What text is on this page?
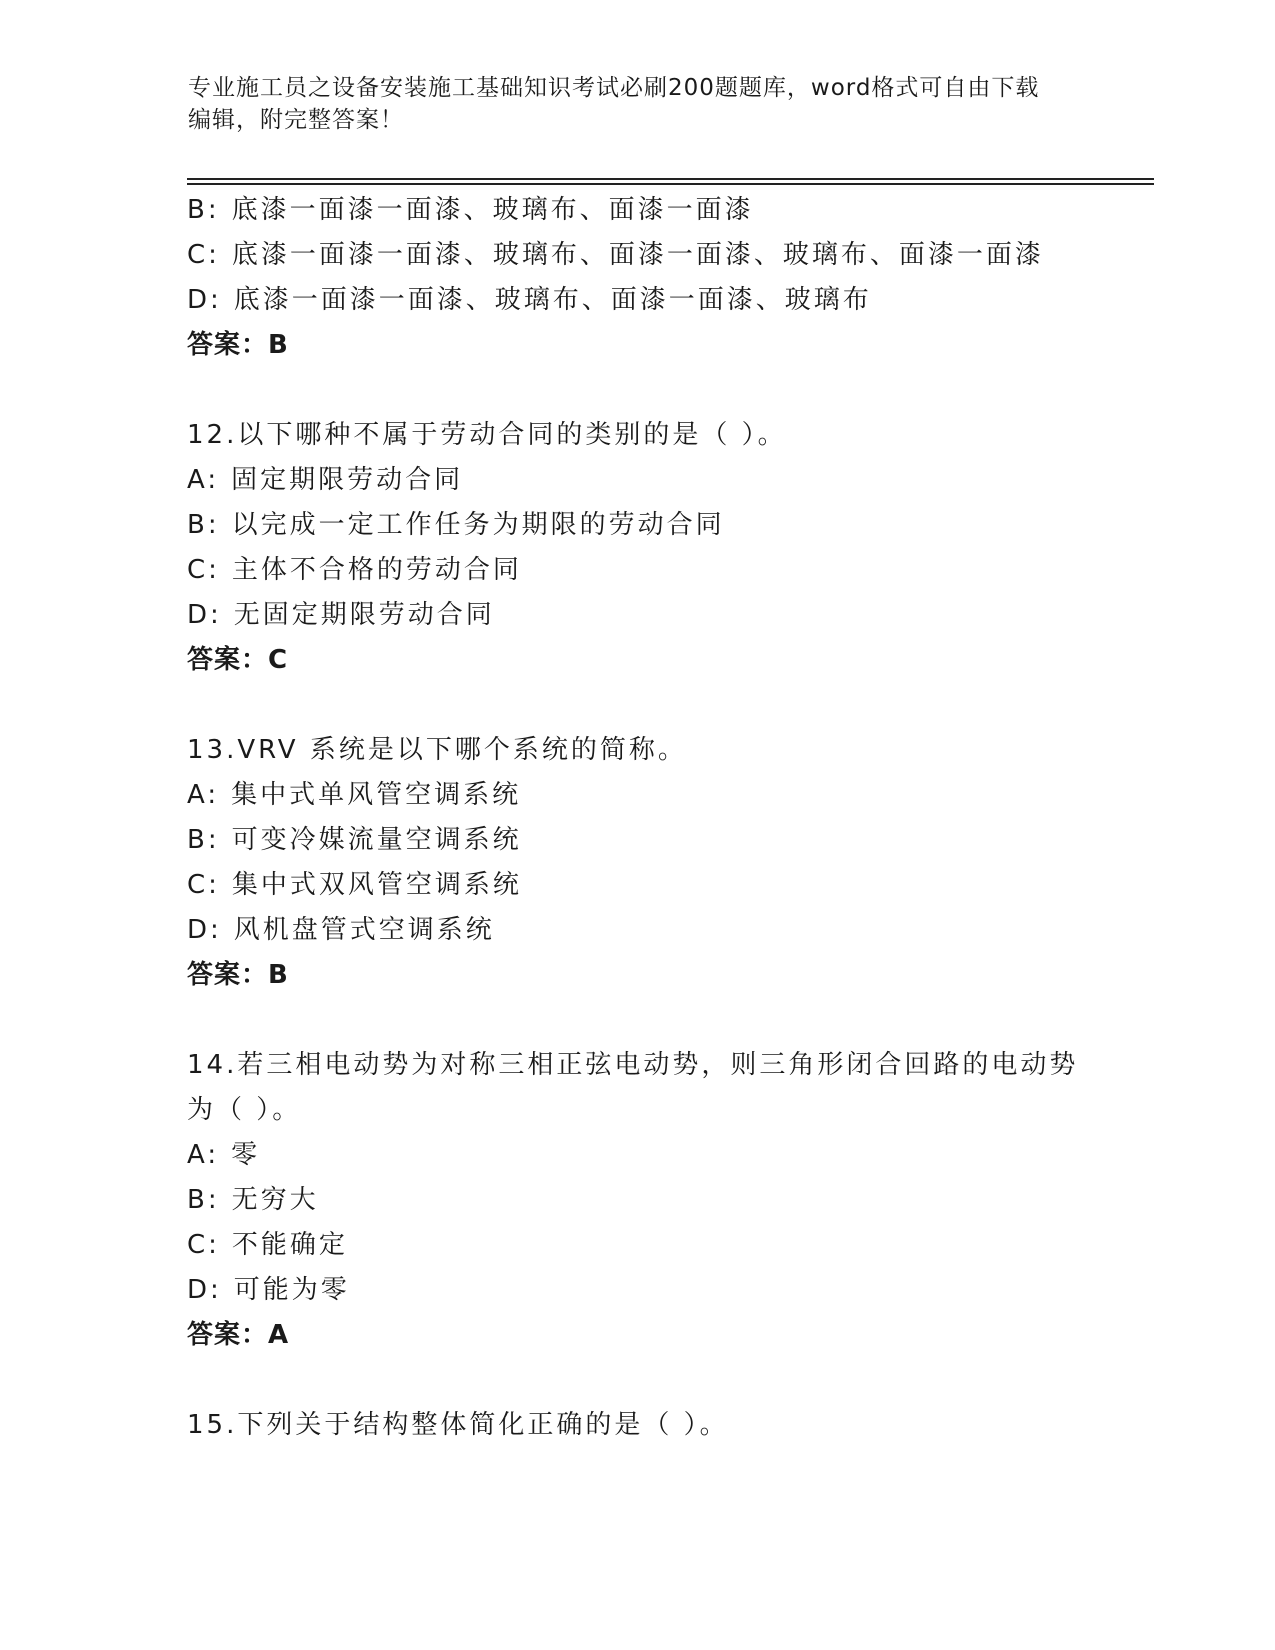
专业施工员之设备安装施工基础知识考试必刷200题题库，word格式可自由下载
编辑，附完整答案！
B: 底漆一面漆一面漆、玻璃布、面漆一面漆
C: 底漆一面漆一面漆、玻璃布、面漆一面漆、玻璃布、面漆一面漆
D: 底漆一面漆一面漆、玻璃布、面漆一面漆、玻璃布
答案：B
12.以下哪种不属于劳动合同的类别的是（ ）。
A: 固定期限劳动合同
B: 以完成一定工作任务为期限的劳动合同
C: 主体不合格的劳动合同
D: 无固定期限劳动合同
答案：C
13.VRV 系统是以下哪个系统的简称。
A: 集中式单风管空调系统
B: 可变冷媒流量空调系统
C: 集中式双风管空调系统
D: 风机盘管式空调系统
答案：B
14.若三相电动势为对称三相正弦电动势，则三角形闭合回路的电动势
为（ ）。
A: 零
B: 无穷大
C: 不能确定
D: 可能为零
答案：A
15.下列关于结构整体简化正确的是（ ）。
